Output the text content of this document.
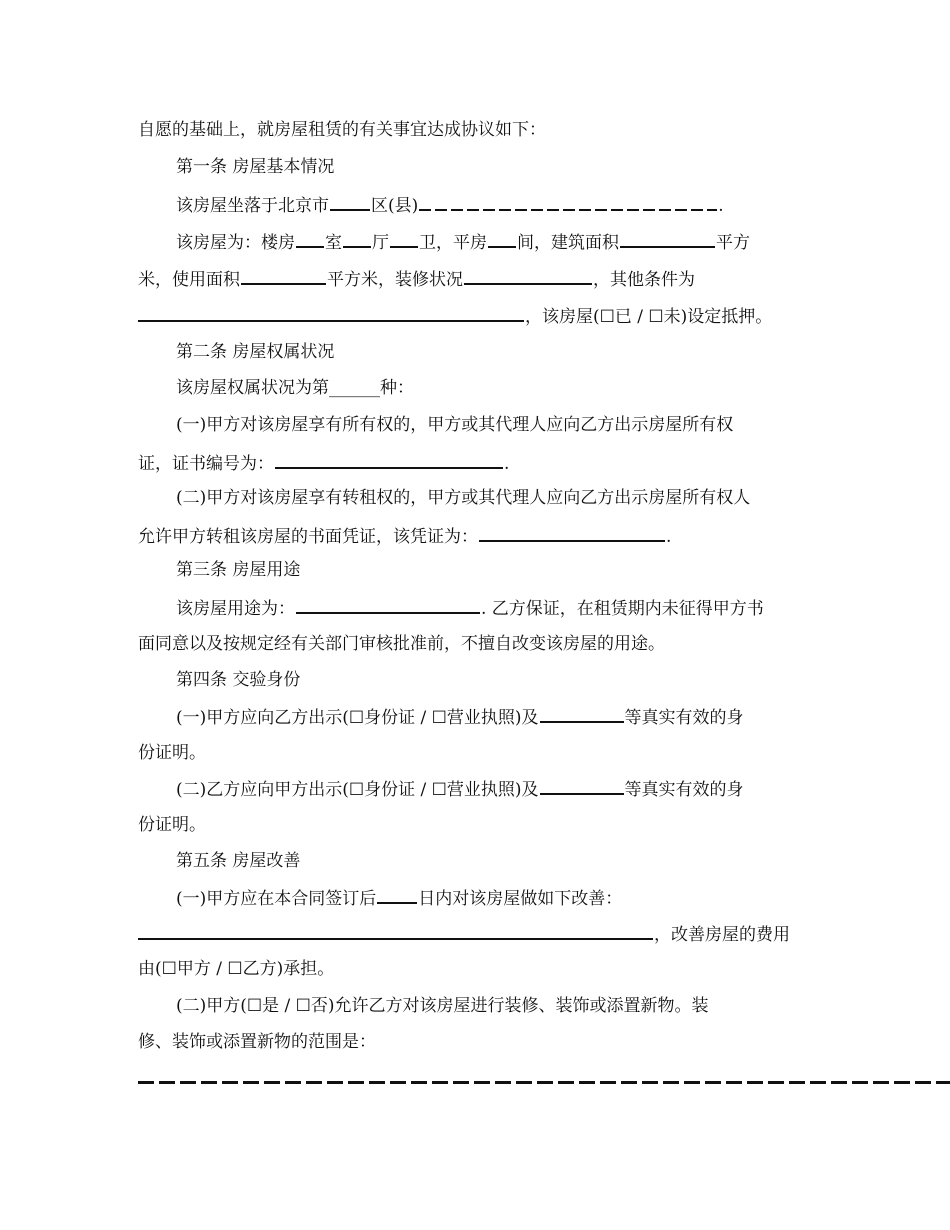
自愿的基础上，就房屋租赁的有关事宜达成协议如下：
第一条 房屋基本情况
该房屋坐落于北京市 区(县)	.
该房屋为：楼房 室 厅 卫，平房 间，建筑面积	平方
米，使用面积	平方米，装修状况	，其他条件为
，该房屋(☐已 / ☐未)设定抵押。
第二条 房屋权属状况
该房屋权属状况为第______种：
(一)甲方对该房屋享有所有权的，甲方或其代理人应向乙方出示房屋所有权
证，证书编号为：	.
(二)甲方对该房屋享有转租权的，甲方或其代理人应向乙方出示房屋所有权人
允许甲方转租该房屋的书面凭证，该凭证为：	.
第三条 房屋用途
该房屋用途为：	. 乙方保证，在租赁期内未征得甲方书
面同意以及按规定经有关部门审核批准前，不擅自改变该房屋的用途。
第四条 交验身份
(一)甲方应向乙方出示(☐身份证 / ☐营业执照)及	等真实有效的身
份证明。
(二)乙方应向甲方出示(☐身份证 / ☐营业执照)及	等真实有效的身
份证明。
第五条 房屋改善
(一)甲方应在本合同签订后 日内对该房屋做如下改善：
，改善房屋的费用
由(☐甲方 / ☐乙方)承担。
(二)甲方(☐是 / ☐否)允许乙方对该房屋进行装修、装饰或添置新物。装
修、装饰或添置新物的范围是：
